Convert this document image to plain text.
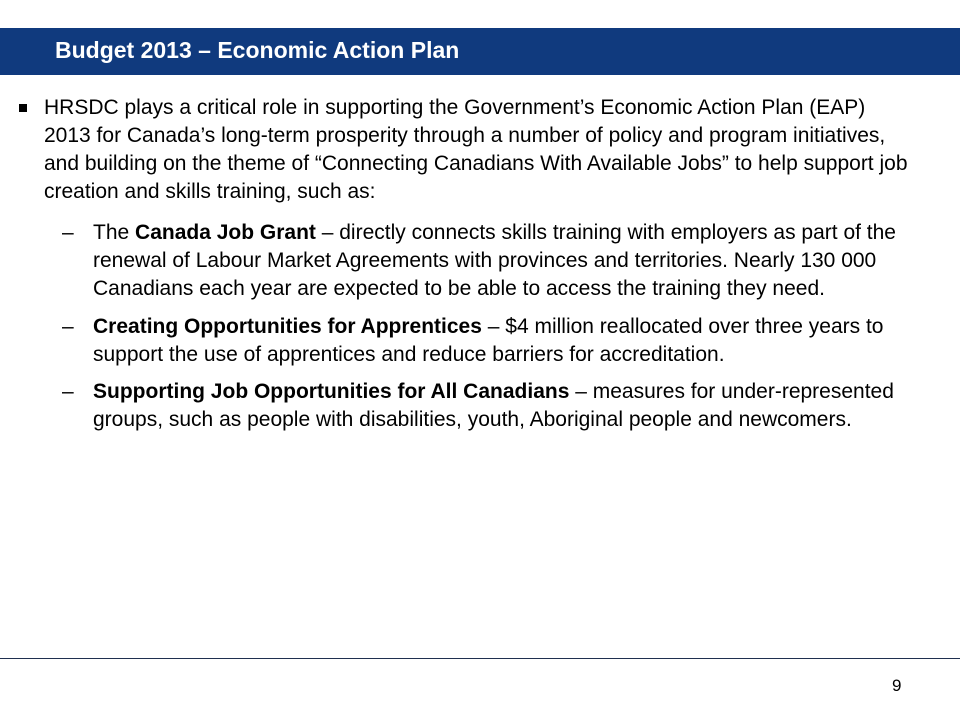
Budget 2013 – Economic Action Plan
HRSDC plays a critical role in supporting the Government’s Economic Action Plan (EAP) 2013 for Canada’s long-term prosperity through a number of policy and program initiatives, and building on the theme of “Connecting Canadians With Available Jobs” to help support job creation and skills training, such as:
– The Canada Job Grant – directly connects skills training with employers as part of the renewal of Labour Market Agreements with provinces and territories. Nearly 130 000 Canadians each year are expected to be able to access the training they need.
– Creating Opportunities for Apprentices – $4 million reallocated over three years to support the use of apprentices and reduce barriers for accreditation.
– Supporting Job Opportunities for All Canadians – measures for under-represented groups, such as people with disabilities, youth, Aboriginal people and newcomers.
9
